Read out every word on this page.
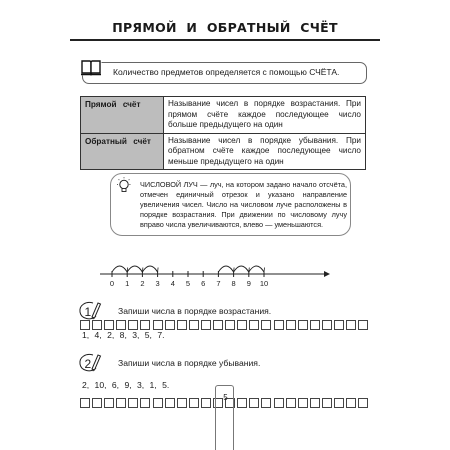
ПРЯМОЙ И ОБРАТНЫЙ СЧЁТ
Количество предметов определяется с помощью СЧЁТА.
Прямой счёт	Называние чисел в порядке возрастания. При прямом счёте каждое последующее число больше предыдущего на один
Обратный счёт	Называние чисел в порядке убывания. При обратном счёте каждое последующее число меньше предыдущего на один
ЧИСЛОВОЙ ЛУЧ — луч, на котором задано начало отсчёта, отмечен единичный отрезок и указано направление увеличения чисел. Число на числовом луче расположены в порядке возрастания. При движении по числовому лучу вправо числа увеличиваются, влево — уменьшаются.
0 1 2 3 4 5 6 7 8 9 10
1	Запиши числа в порядке возрастания.
1, 4, 2, 8, 3, 5, 7.
2	Запиши числа в порядке убывания.
2, 10, 6, 9, 3, 1, 5.
5
